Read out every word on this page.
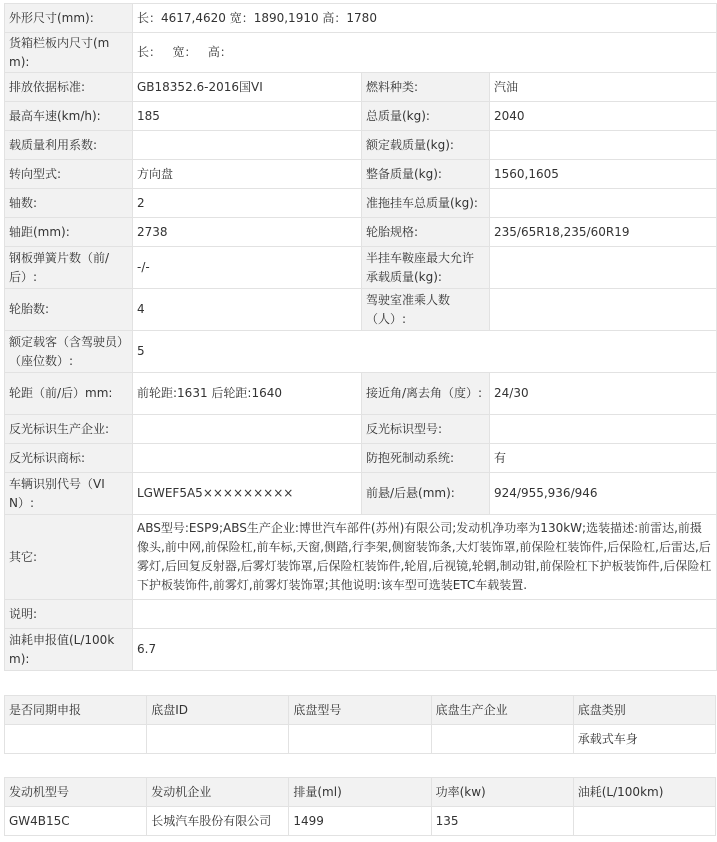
外形尺寸(mm):	长：4617,4620 宽：1890,1910 高：1780		
货箱栏板内尺寸(mm):	长：   宽：   高：		
排放依据标准:	GB18352.6-2016国VI	燃料种类:	汽油
最高车速(km/h):	185	总质量(kg):	2040
载质量利用系数:		额定载质量(kg):	
转向型式:	方向盘	整备质量(kg):	1560,1605
轴数:	2	准拖挂车总质量(kg):	
轴距(mm):	2738	轮胎规格:	235/65R18,235/60R19
钢板弹簧片数（前/后）:	-/-	半挂车鞍座最大允许承载质量(kg):	
轮胎数:	4	驾驶室准乘人数（人）:	
额定载客（含驾驶员）（座位数）:	5		
轮距（前/后）mm:	前轮距:1631 后轮距:1640	接近角/离去角（度）:	24/30
反光标识生产企业:		反光标识型号:	
反光标识商标:		防抱死制动系统:	有
车辆识别代号（VIN）:	LGWEF5A5×××××××××	前悬/后悬(mm):	924/955,936/946
其它:	ABS型号:ESP9;ABS生产企业:博世汽车部件(苏州)有限公司;发动机净功率为130kW;选装描述:前雷达,前摄像头,前中网,前保险杠,前车标,天窗,侧踏,行李架,侧窗装饰条,大灯装饰罩,前保险杠装饰件,后保险杠,后雷达,后雾灯,后回复反射器,后雾灯装饰罩,后保险杠装饰件,轮眉,后视镜,轮辋,制动钳,前保险杠下护板装饰件,后保险杠下护板装饰件,前雾灯,前雾灯装饰罩;其他说明:该车型可选装ETC车载装置.		
说明:			
油耗申报值(L/100km):	6.7		
是否同期申报	底盘ID	底盘型号	底盘生产企业	底盘类别
				承载式车身
发动机型号	发动机企业	排量(ml)	功率(kw)	油耗(L/100km)
GW4B15C	长城汽车股份有限公司	1499	135	
